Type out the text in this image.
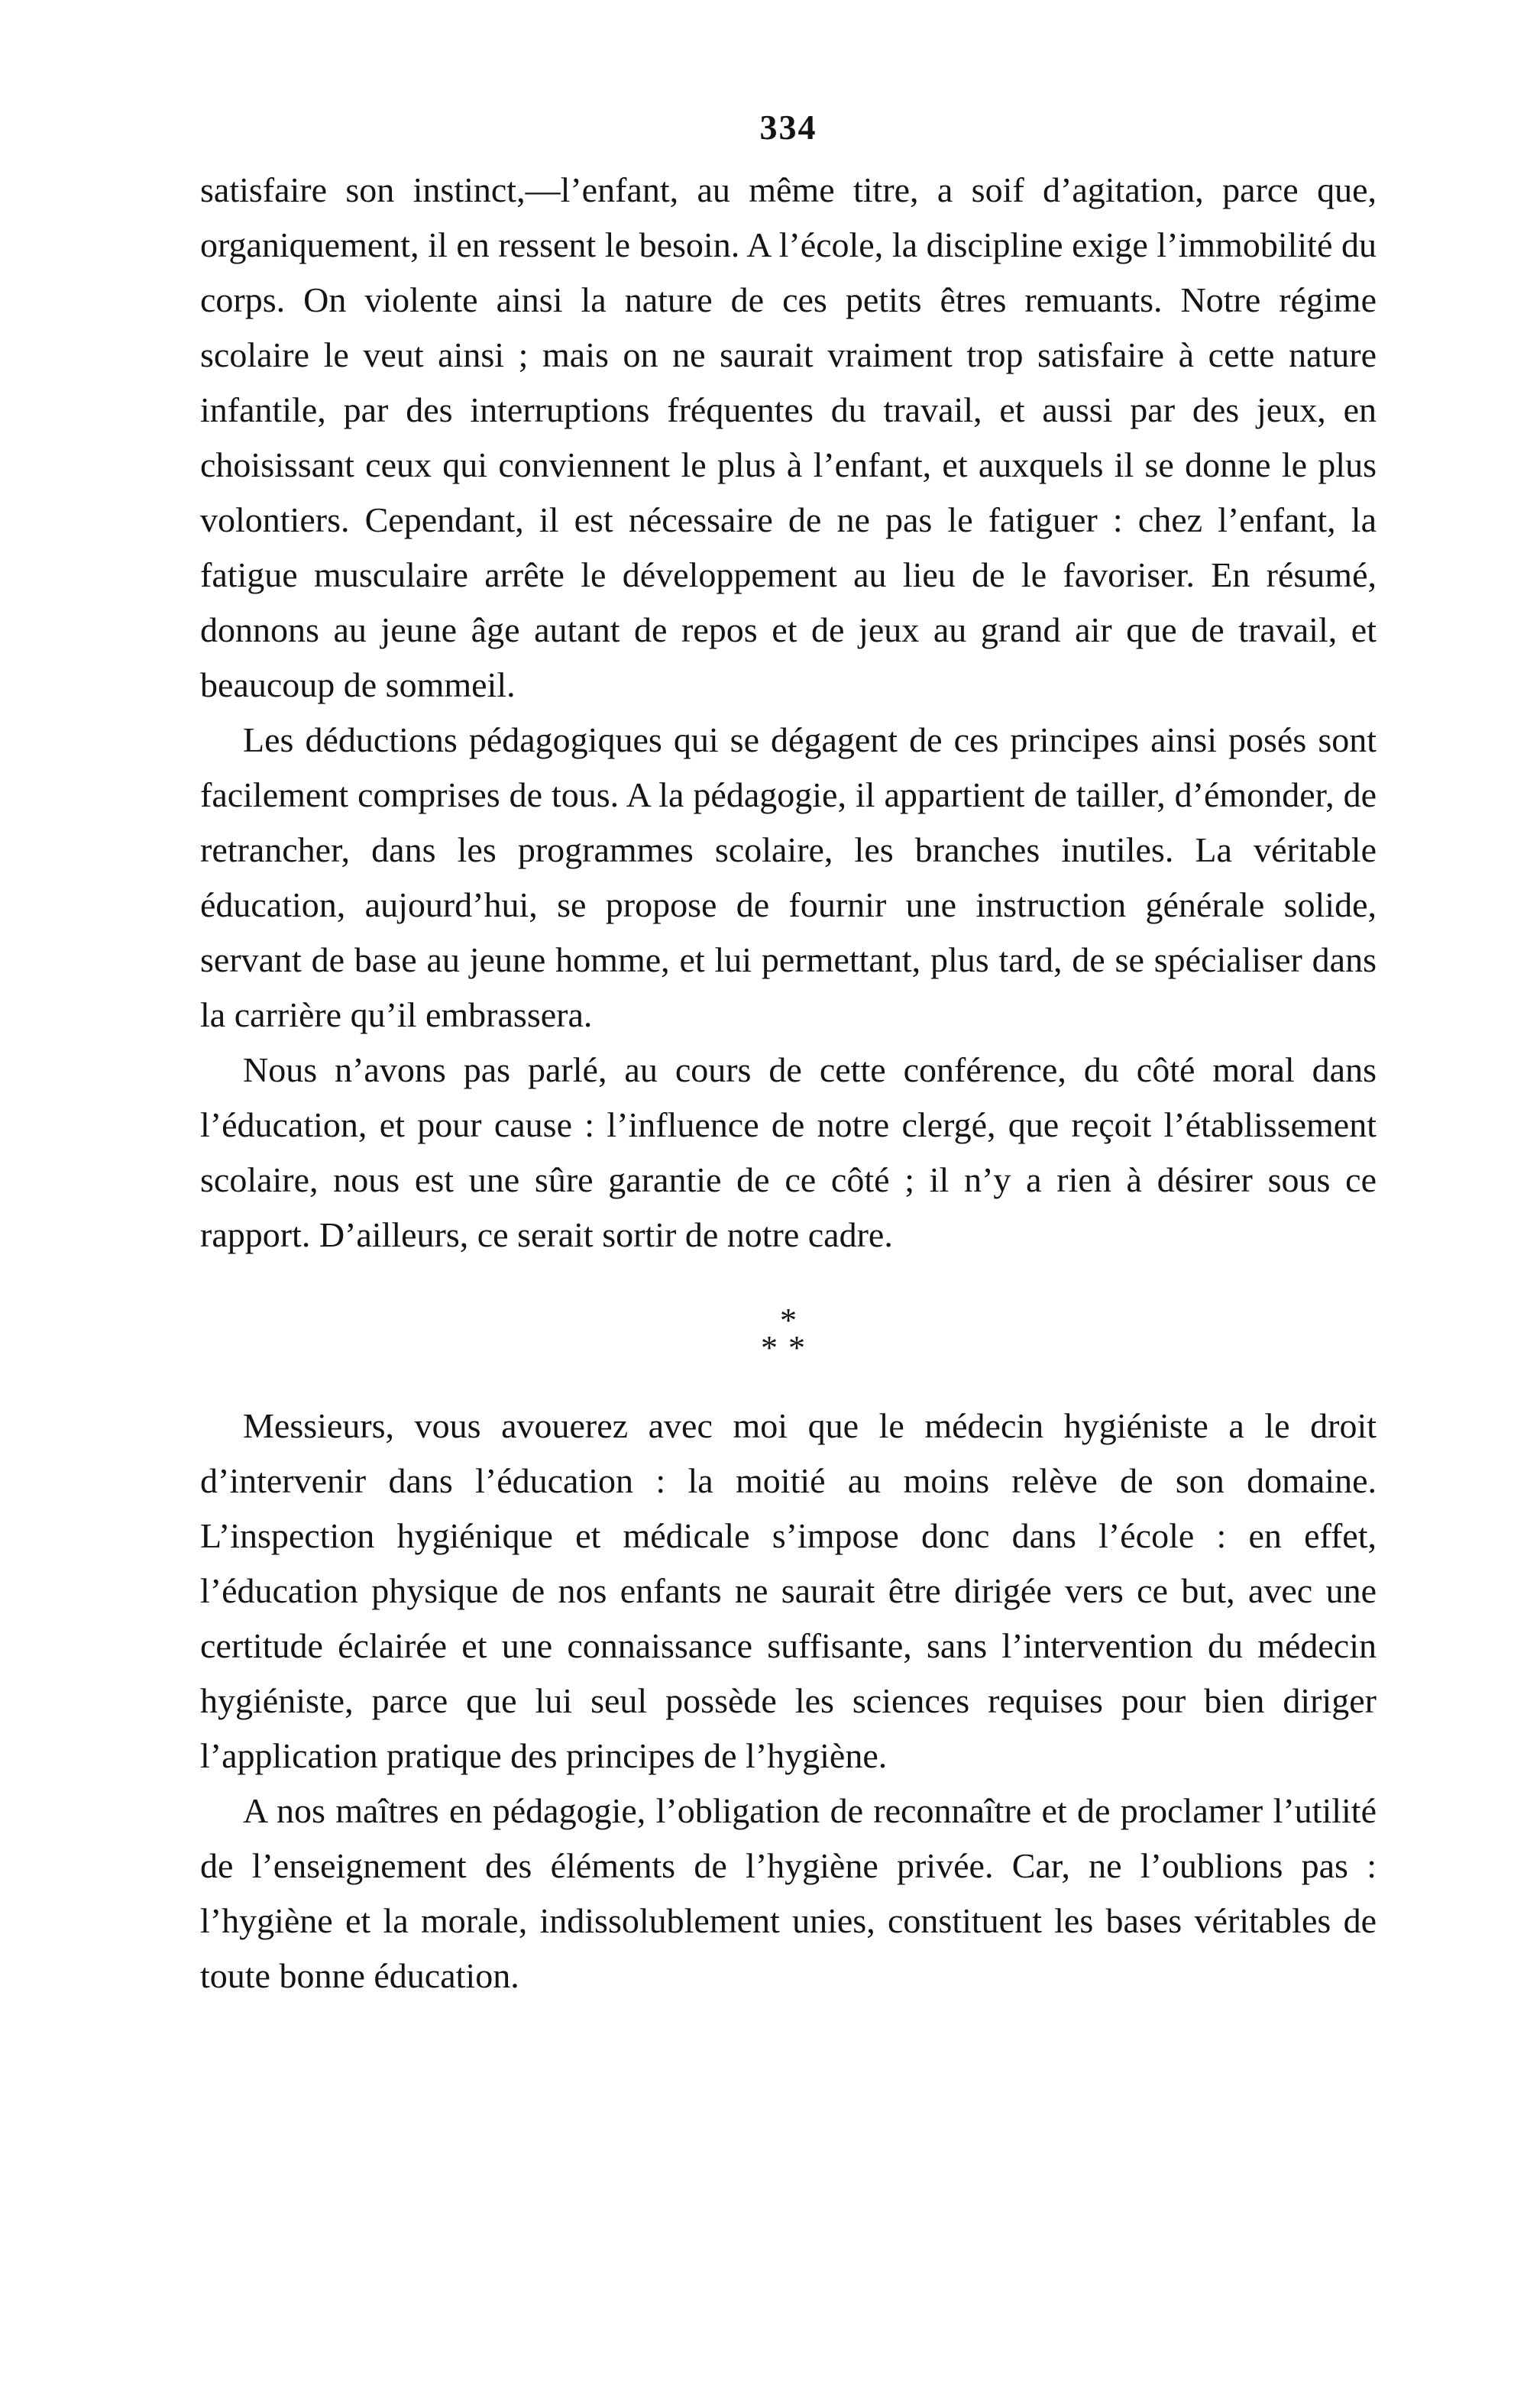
334

satisfaire son instinct,—l’enfant, au même titre, a soif d’agitation, parce que, organiquement, il en ressent le besoin. A l’école, la discipline exige l’immobilité du corps. On violente ainsi la nature de ces petits êtres remuants. Notre régime scolaire le veut ainsi ; mais on ne saurait vraiment trop satisfaire à cette nature infantile, par des interruptions fréquentes du travail, et aussi par des jeux, en choisissant ceux qui conviennent le plus à l’enfant, et auxquels il se donne le plus volontiers. Cependant, il est nécessaire de ne pas le fatiguer : chez l’enfant, la fatigue musculaire arrête le développement au lieu de le favoriser. En résumé, donnons au jeune âge autant de repos et de jeux au grand air que de travail, et beaucoup de sommeil.

Les déductions pédagogiques qui se dégagent de ces principes ainsi posés sont facilement comprises de tous. A la pédagogie, il appartient de tailler, d’émonder, de retrancher, dans les programmes scolaire, les branches inutiles. La véritable éducation, aujourd’hui, se propose de fournir une instruction générale solide, servant de base au jeune homme, et lui permettant, plus tard, de se spécialiser dans la carrière qu’il embrassera.

Nous n’avons pas parlé, au cours de cette conférence, du côté moral dans l’éducation, et pour cause : l’influence de notre clergé, que reçoit l’établissement scolaire, nous est une sûre garantie de ce côté ; il n’y a rien à désirer sous ce rapport. D’ailleurs, ce serait sortir de notre cadre.

*
**

Messieurs, vous avouerez avec moi que le médecin hygiéniste a le droit d’intervenir dans l’éducation : la moitié au moins relève de son domaine. L’inspection hygiénique et médicale s’impose donc dans l’école : en effet, l’éducation physique de nos enfants ne saurait être dirigée vers ce but, avec une certitude éclairée et une connaissance suffisante, sans l’intervention du médecin hygiéniste, parce que lui seul possède les sciences requises pour bien diriger l’application pratique des principes de l’hygiène.

A nos maîtres en pédagogie, l’obligation de reconnaître et de proclamer l’utilité de l’enseignement des éléments de l’hygiène privée. Car, ne l’oublions pas : l’hygiène et la morale, indissolublement unies, constituent les bases véritables de toute bonne éducation.
